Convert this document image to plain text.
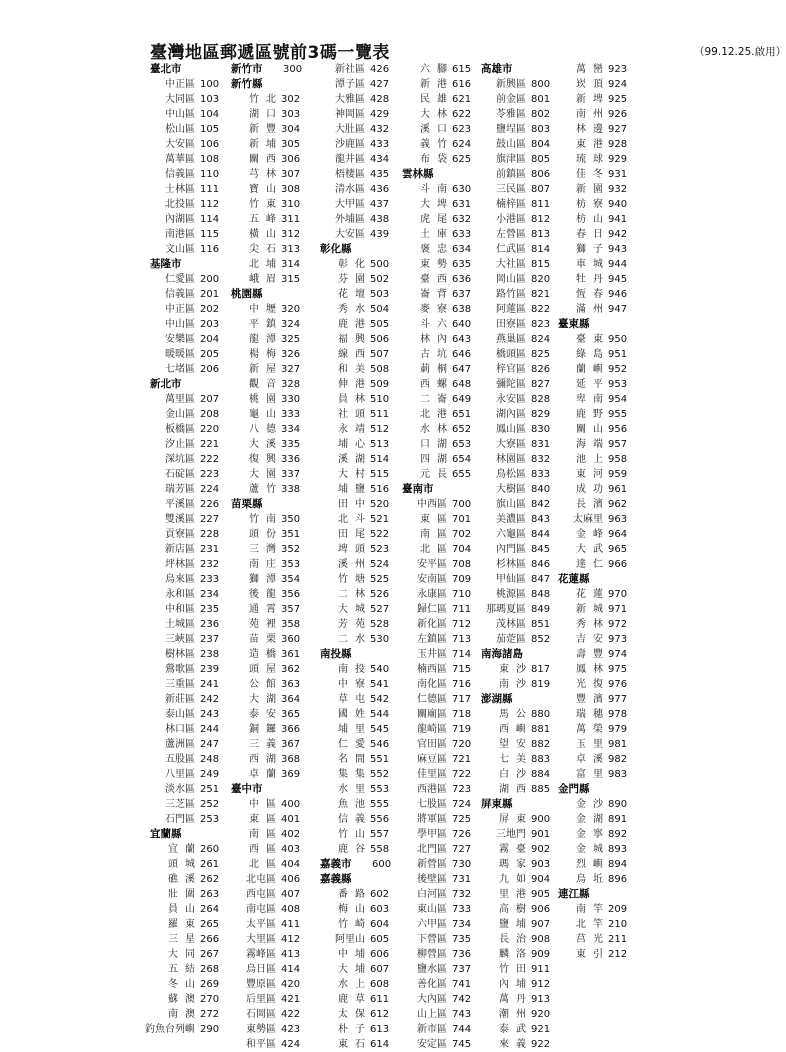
臺灣地區郵遞區號前3碼一覽表	（99.12.25.啟用）
臺北市
中正區 100
大同區 103
中山區 104
松山區 105
大安區 106
萬華區 108
信義區 110
士林區 111
北投區 112
內湖區 114
南港區 115
文山區 116
基隆市
仁愛區 200
信義區 201
中正區 202
中山區 203
安樂區 204
暖暖區 205
七堵區 206
新北市
萬里區 207
金山區 208
板橋區 220
汐止區 221
深坑區 222
石碇區 223
瑞芳區 224
平溪區 226
雙溪區 227
貢寮區 228
新店區 231
坪林區 232
烏來區 233
永和區 234
中和區 235
土城區 236
三峽區 237
樹林區 238
鶯歌區 239
三重區 241
新莊區 242
泰山區 243
林口區 244
蘆洲區 247
五股區 248
八里區 249
淡水區 251
三芝區 252
石門區 253
宜蘭縣
宜蘭
260
頭城
261
礁溪
262
壯圍
263
員山
264
羅東
265
三星
266
大同
267
五結
268
冬山
269
蘇澳
270
南澳
272
釣魚台列嶼 290
新竹市 300
新竹縣
竹北
302
湖口
303
新豐
304
新埔
305
關西
306
芎林
307
寶山
308
竹東
310
五峰
311
橫山
312
尖石
313
北埔
314
峨眉
315
桃園縣
中壢
320
平鎮
324
龍潭
325
楊梅
326
新屋
327
觀音
328
桃園
330
龜山
333
八德
334
大溪
335
復興
336
大園
337
蘆竹
338
苗栗縣
竹南
350
頭份
351
三灣
352
南庄
353
獅潭
354
後龍
356
通霄
357
苑裡
358
苗栗
360
造橋
361
頭屋
362
公館
363
大湖
364
泰安
365
銅鑼
366
三義
367
西湖
368
卓蘭
369
臺中市
中區
400
東區
401
南區
402
西區
403
北區
404
北屯區 406
西屯區 407
南屯區 408
太平區 411
大里區 412
霧峰區 413
烏日區 414
豐原區 420
后里區 421
石岡區 422
東勢區 423
和平區 424
新社區 426
潭子區 427
大雅區 428
神岡區 429
大肚區 432
沙鹿區 433
龍井區 434
梧棲區 435
清水區 436
大甲區 437
外埔區 438
大安區 439
彰化縣
彰化
500
芬園
502
花壇
503
秀水
504
鹿港
505
福興
506
線西
507
和美
508
伸港
509
員林
510
社頭
511
永靖
512
埔心
513
溪湖
514
大村
515
埔鹽
516
田中
520
北斗
521
田尾
522
埤頭
523
溪州
524
竹塘
525
二林
526
大城
527
芳苑
528
二水
530
南投縣
南投
540
中寮
541
草屯
542
國姓
544
埔里
545
仁愛
546
名間
551
集集
552
水里
553
魚池
555
信義
556
竹山
557
鹿谷
558
嘉義市 600
嘉義縣
番路
602
梅山
603
竹崎
604
阿里山 605
中埔
606
大埔
607
水上
608
鹿草
611
太保
612
朴子
613
東石
614
六腳
615
新港
616
民雄
621
大林
622
溪口
623
義竹
624
布袋
625
雲林縣
斗南
630
大埤
631
虎尾
632
土庫
633
褒忠
634
東勢
635
臺西
636
崙背
637
麥寮
638
斗六
640
林內
643
古坑
646
莿桐
647
西螺
648
二崙
649
北港
651
水林
652
口湖
653
四湖
654
元長
655
臺南市
中西區 700
東區
701
南區
702
北區
704
安平區 708
安南區 709
永康區 710
歸仁區 711
新化區 712
左鎮區 713
玉井區 714
楠西區 715
南化區 716
仁德區 717
關廟區 718
龍崎區 719
官田區 720
麻豆區 721
佳里區 722
西港區 723
七股區 724
將軍區 725
學甲區 726
北門區 727
新營區 730
後壁區 731
白河區 732
東山區 733
六甲區 734
下營區 735
柳營區 736
鹽水區 737
善化區 741
大內區 742
山上區 743
新市區 744
安定區 745
高雄市
新興區 800
前金區 801
苓雅區 802
鹽埕區 803
鼓山區 804
旗津區 805
前鎮區 806
三民區 807
楠梓區 811
小港區 812
左營區 813
仁武區 814
大社區 815
岡山區 820
路竹區 821
阿蓮區 822
田寮區 823
燕巢區 824
橋頭區 825
梓官區 826
彌陀區 827
永安區 828
湖內區 829
鳳山區 830
大寮區 831
林園區 832
鳥松區 833
大樹區 840
旗山區 842
美濃區 843
六龜區 844
內門區 845
杉林區 846
甲仙區 847
桃源區 848
那瑪夏區 849
茂林區 851
茄萣區 852
南海諸島
東沙
817
南沙
819
澎湖縣
馬公
880
西嶼
881
望安
882
七美
883
白沙
884
湖西
885
屏東縣
屏東
900
三地門 901
霧臺
902
瑪家
903
九如
904
里港
905
高樹
906
鹽埔
907
長治
908
麟洛
909
竹田
911
內埔
912
萬丹
913
潮州
920
泰武
921
來義
922
萬巒
923
崁頂
924
新埤
925
南州
926
林邊
927
東港
928
琉球
929
佳冬
931
新園
932
枋寮
940
枋山
941
春日
942
獅子
943
車城
944
牡丹
945
恆春
946
滿州
947
臺東縣
臺東
950
綠島
951
蘭嶼
952
延平
953
卑南
954
鹿野
955
關山
956
海端
957
池上
958
東河
959
成功
961
長濱
962
太麻里 963
金峰
964
大武
965
達仁
966
花蓮縣
花蓮
970
新城
971
秀林
972
吉安
973
壽豐
974
鳳林
975
光復
976
豐濱
977
瑞穗
978
萬榮
979
玉里
981
卓溪
982
富里
983
金門縣
金沙
890
金湖
891
金寧
892
金城
893
烈嶼
894
烏坵
896
連江縣
南竿
209
北竿
210
莒光
211
東引
212
